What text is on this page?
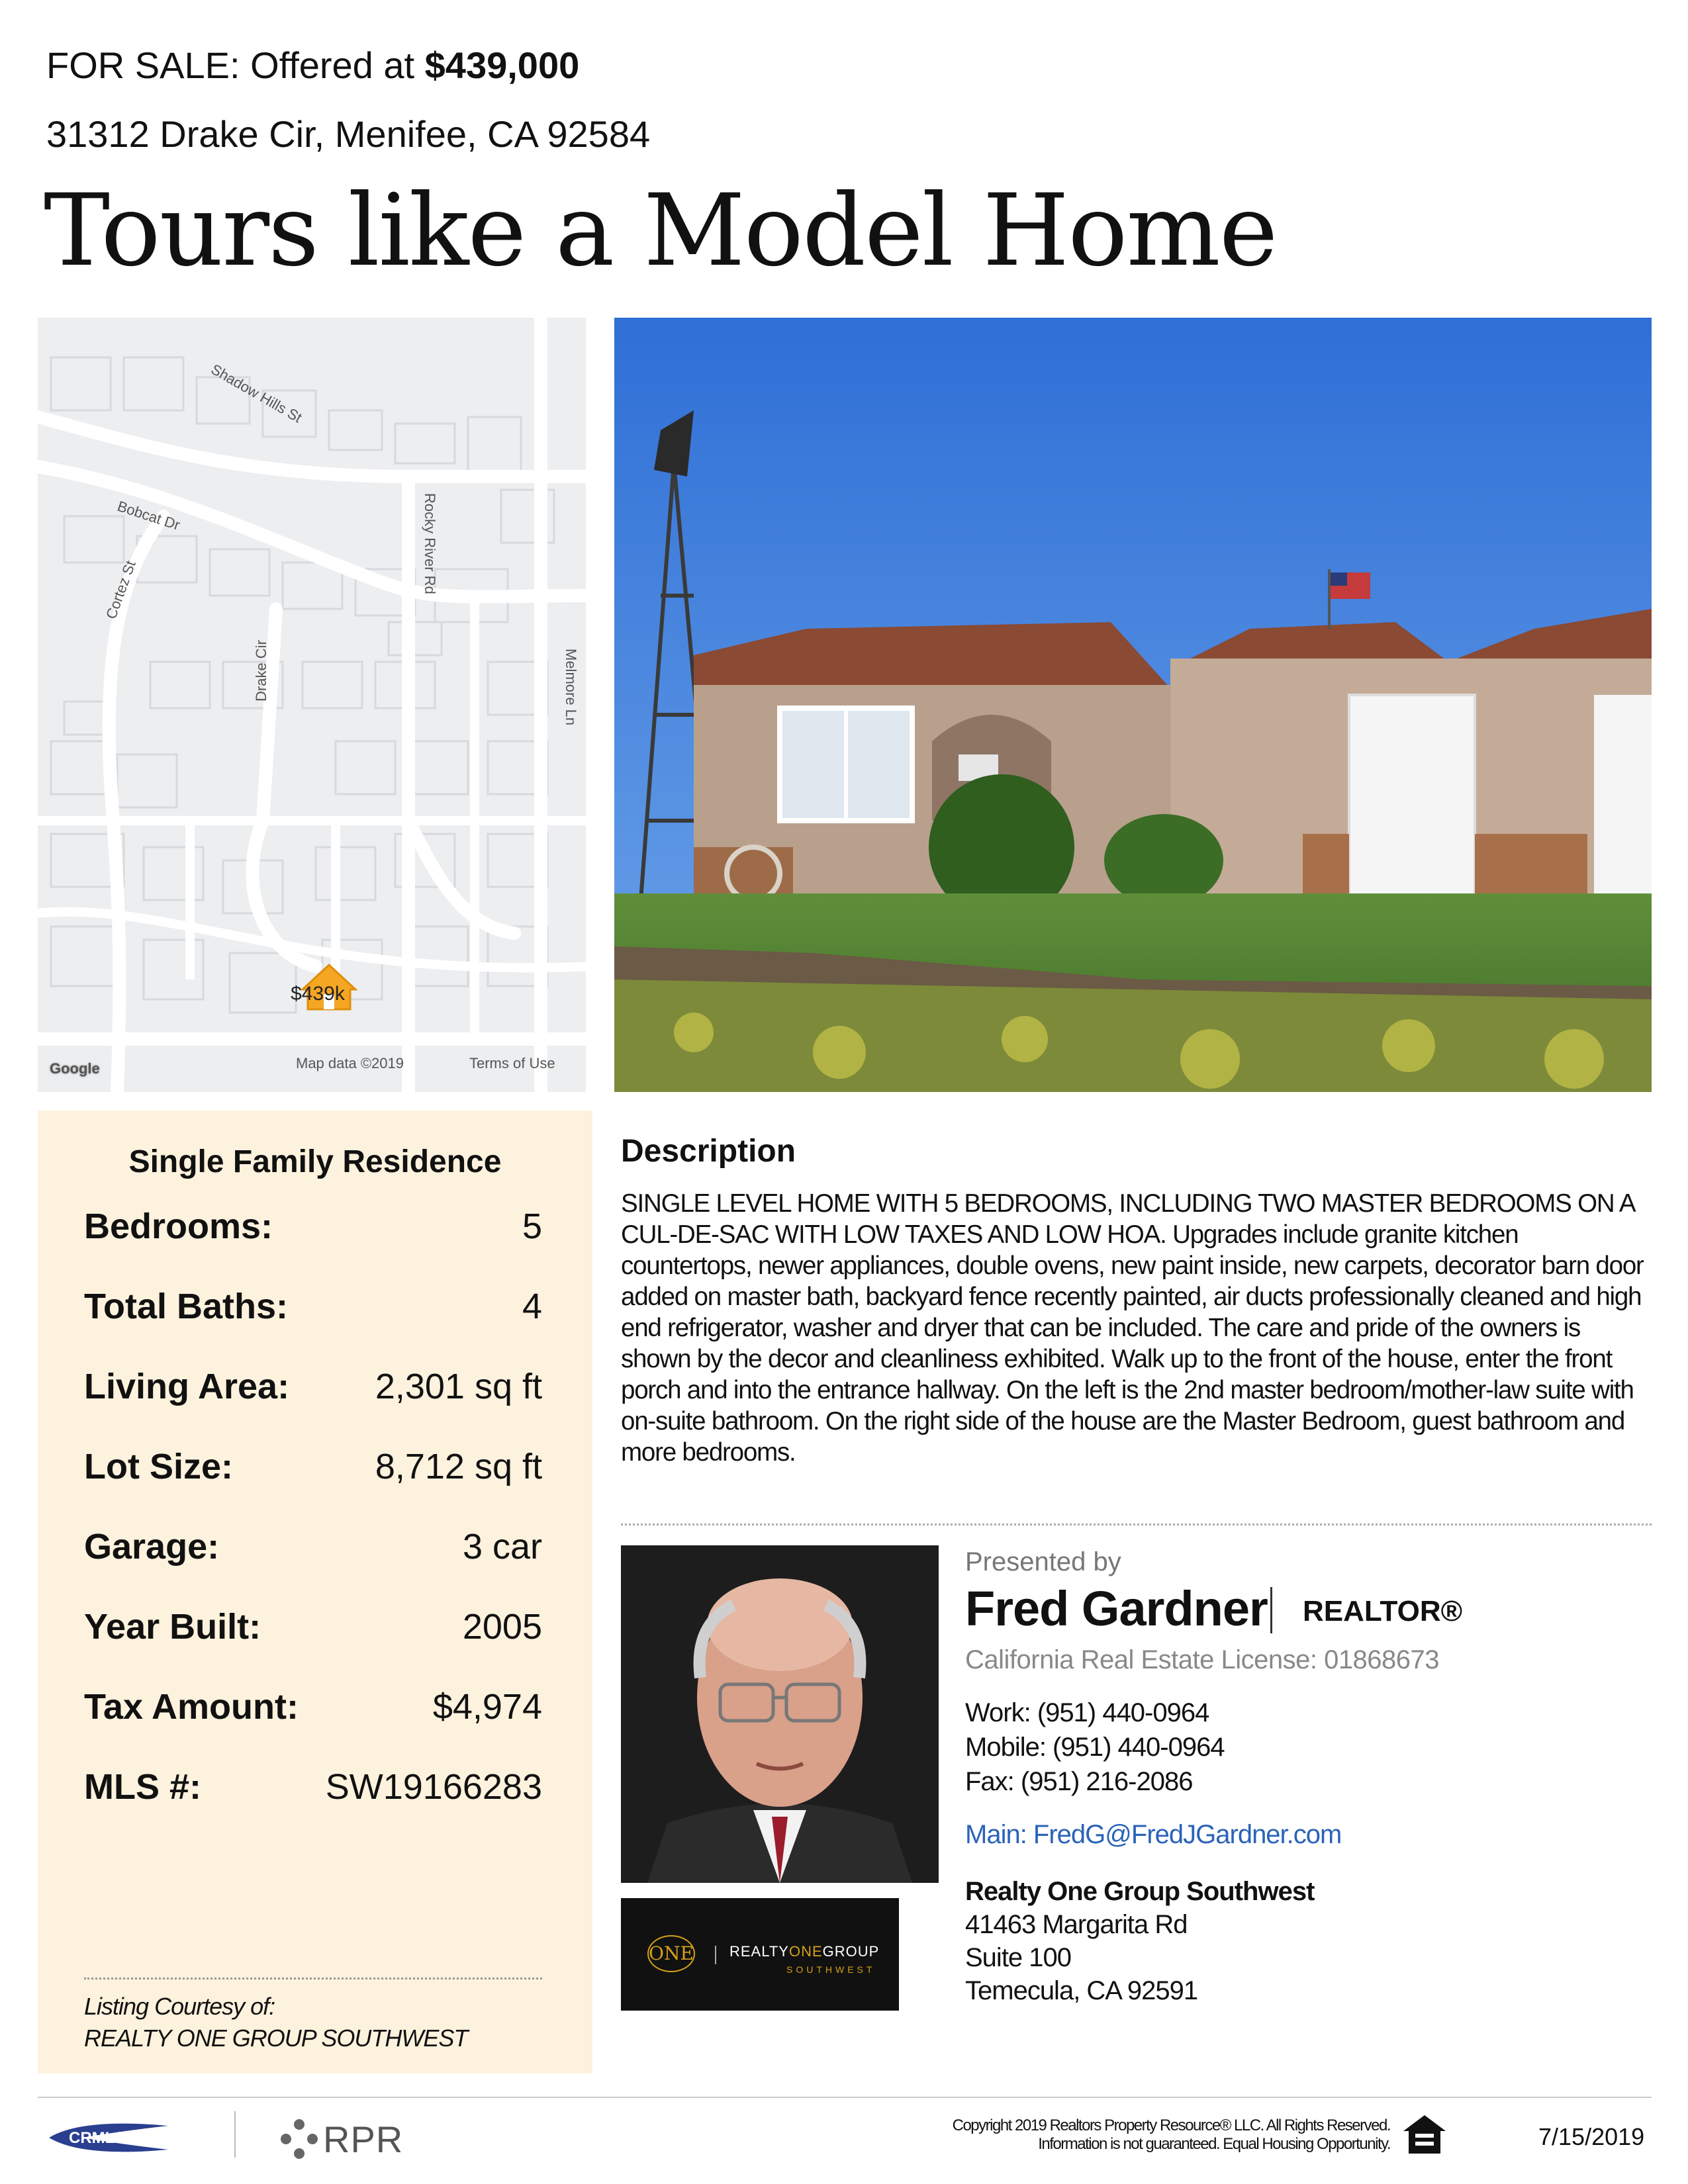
FOR SALE: Offered at $439,000
31312 Drake Cir, Menifee, CA 92584
Tours like a Model Home
Shadow Hills St
Bobcat Dr
Cortez St	Rocky River Rd
Drake Cir	Melmore Ln
$439k
Google	Map data ©2019	Terms of Use
Single Family Residence
Bedrooms:	5
Total Baths:	4
Living Area: 2,301 sq ft
Lot Size:	8,712 sq ft
Garage:	3 car
Year Built:	2005
Tax Amount:	$4,974
MLS #:	SW19166283
Listing Courtesy of:
REALTY ONE GROUP SOUTHWEST
Description
SINGLE LEVEL HOME WITH 5 BEDROOMS, INCLUDING TWO MASTER BEDROOMS ON A CUL-DE-SAC WITH LOW TAXES AND LOW HOA. Upgrades include granite kitchen countertops, newer appliances, double ovens, new paint inside, new carpets, decorator barn door added on master bath, backyard fence recently painted, air ducts professionally cleaned and high end refrigerator, washer and dryer that can be included. The care and pride of the owners is shown by the decor and cleanliness exhibited. Walk up to the front of the house, enter the front porch and into the entrance hallway. On the left is the 2nd master bedroom/mother-law suite with on-suite bathroom. On the right side of the house are the Master Bedroom, guest bathroom and more bedrooms.
ONE REALTYONEGROUP
SOUTHWEST
Presented by
Fred Gardner REALTOR®
California Real Estate License: 01868673
Work: (951) 440-0964
Mobile: (951) 440-0964
Fax: (951) 216-2086
Main: FredG@FredJGardner.com
Realty One Group Southwest
41463 Margarita Rd
Suite 100
Temecula, CA 92591
CRMLS	RPR	Copyright 2019 Realtors Property Resource® LLC. All Rights Reserved.
Information is not guaranteed. Equal Housing Opportunity.	7/15/2019
